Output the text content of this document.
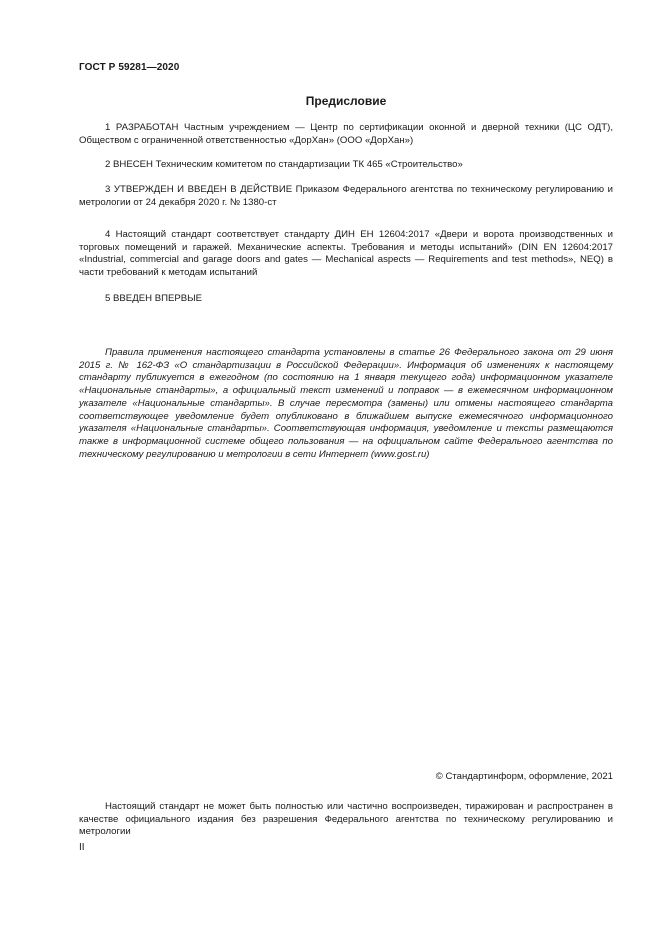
ГОСТ Р 59281—2020
Предисловие

1 РАЗРАБОТАН Частным учреждением — Центр по сертификации оконной и дверной техники (ЦС ОДТ), Обществом с ограниченной ответственностью «ДорХан» (ООО «ДорХан»)

2 ВНЕСЕН Техническим комитетом по стандартизации ТК 465 «Строительство»

3 УТВЕРЖДЕН И ВВЕДЕН В ДЕЙСТВИЕ Приказом Федерального агентства по техническому регулированию и метрологии от 24 декабря 2020 г. № 1380-ст

4 Настоящий стандарт соответствует стандарту ДИН ЕН 12604:2017 «Двери и ворота производственных и торговых помещений и гаражей. Механические аспекты. Требования и методы испытаний» (DIN EN 12604:2017 «Industrial, commercial and garage doors and gates — Mechanical aspects — Requirements and test methods», NEQ) в части требований к методам испытаний

5 ВВЕДЕН ВПЕРВЫЕ

Правила применения настоящего стандарта установлены в статье 26 Федерального закона от 29 июня 2015 г. № 162-ФЗ «О стандартизации в Российской Федерации». Информация об изменениях к настоящему стандарту публикуется в ежегодном (по состоянию на 1 января текущего года) информационном указателе «Национальные стандарты», а официальный текст изменений и поправок — в ежемесячном информационном указателе «Национальные стандарты». В случае пересмотра (замены) или отмены настоящего стандарта соответствующее уведомление будет опубликовано в ближайшем выпуске ежемесячного информационного указателя «Национальные стандарты». Соответствующая информация, уведомление и тексты размещаются также в информационной системе общего пользования — на официальном сайте Федерального агентства по техническому регулированию и метрологии в сети Интернет (www.gost.ru)

© Стандартинформ, оформление, 2021

Настоящий стандарт не может быть полностью или частично воспроизведен, тиражирован и распространен в качестве официального издания без разрешения Федерального агентства по техническому регулированию и метрологии

II
